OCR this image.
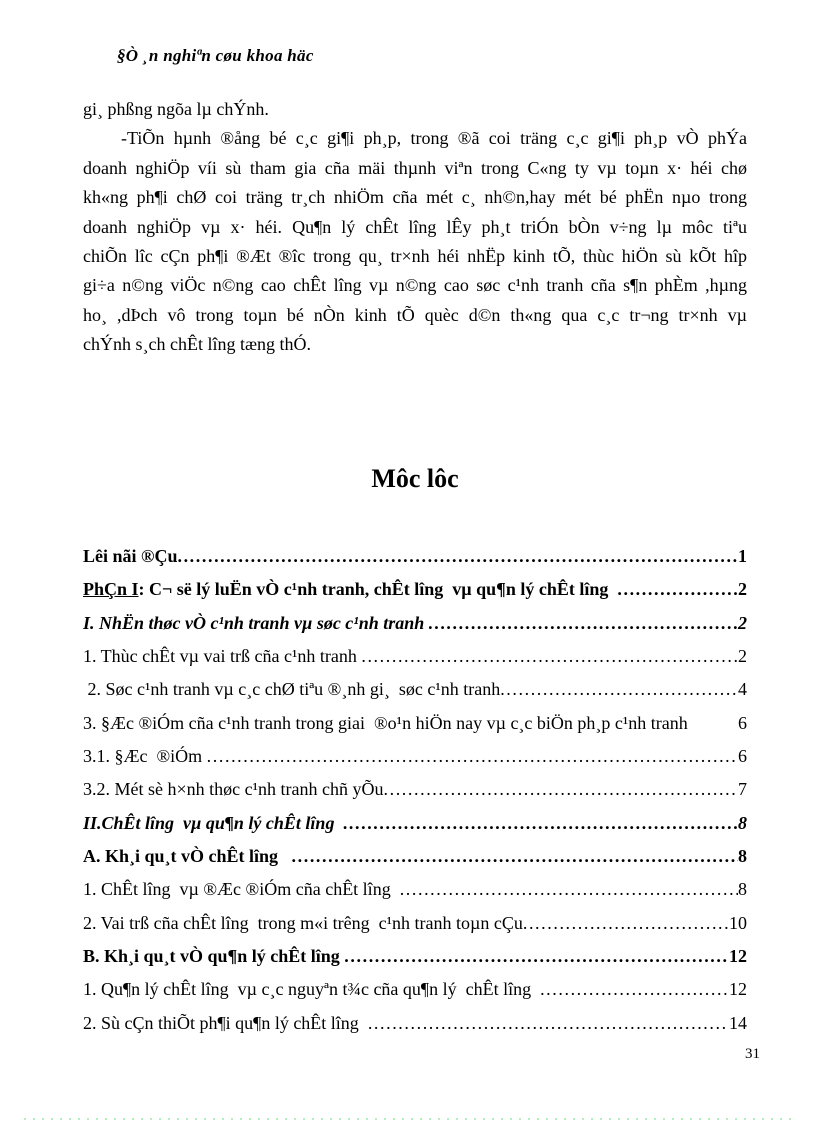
§Ò ¸n nghiªn cøu khoa häc
gi¸ phßng ngõa lµ chÝnh.
-TiÕn hµnh ®ång bé c¸c gi¶i ph¸p, trong ®ã coi träng c¸c gi¶i ph¸p vÒ phÝa
doanh nghiÖp víi sù tham gia cña mäi thµnh viªn trong C«ng ty vµ toµn x· héi chø
kh«ng ph¶i chØ coi träng tr¸ch nhiÖm cña mét c¸ nh©n,hay mét bé phËn nµo trong
doanh nghiÖp vµ x· héi. Qu¶n lý chÊt lîng lÊy ph¸t triÓn bÒn v÷ng lµ môc tiªu
chiÕn lîc cÇn ph¶i ®Æt ®îc trong qu¸ tr×nh héi nhËp kinh tÕ, thùc hiÖn sù kÕt hîp
gi÷a n©ng viÖc n©ng cao chÊt lîng vµ n©ng cao søc c¹nh tranh cña s¶n phÈm ,hµng
ho¸ ,dÞch vô trong toµn bé nÒn kinh tÕ quèc d©n th«ng qua c¸c tr¬ng tr×nh vµ
chÝnh s¸ch chÊt lîng tæng thÓ.
Môc lôc
Lêi nãi ®Çu .....	1
PhÇn I: C¬ së lý luËn vÒ c¹nh tranh, chÊt lîng  vµ qu¶n lý chÊt lîng .....	2
I. NhËn thøc vÒ c¹nh tranh vµ søc c¹nh tranh .....	2
1. Thùc chÊt vµ vai trß cña c¹nh tranh .....	2
2. Søc c¹nh tranh vµ c¸c chØ tiªu ®¸nh gi¸  søc c¹nh tranh .....	4
3. §Æc ®iÓm cña c¹nh tranh trong giai  ®o¹n hiÖn nay vµ c¸c biÖn ph¸p c¹nh tranh	6
3.1. §Æc  ®iÓm .....	6
3.2. Mét sè h×nh thøc c¹nh tranh chñ yÕu .....	7
II.ChÊt lîng  vµ qu¶n lý chÊt lîng .....	8
A. Kh¸i qu¸t vÒ chÊt lîng .....	8
1. ChÊt lîng  vµ ®Æc ®iÓm cña chÊt lîng .....	8
2. Vai trß cña chÊt lîng  trong m«i trêng  c¹nh tranh toµn cÇu .....	10
B. Kh¸i qu¸t vÒ qu¶n lý chÊt lîng .....	12
1. Qu¶n lý chÊt lîng  vµ c¸c nguyªn t¾c cña qu¶n lý  chÊt lîng .....	12
2. Sù cÇn thiÕt ph¶i qu¶n lý chÊt lîng .....	14
31
